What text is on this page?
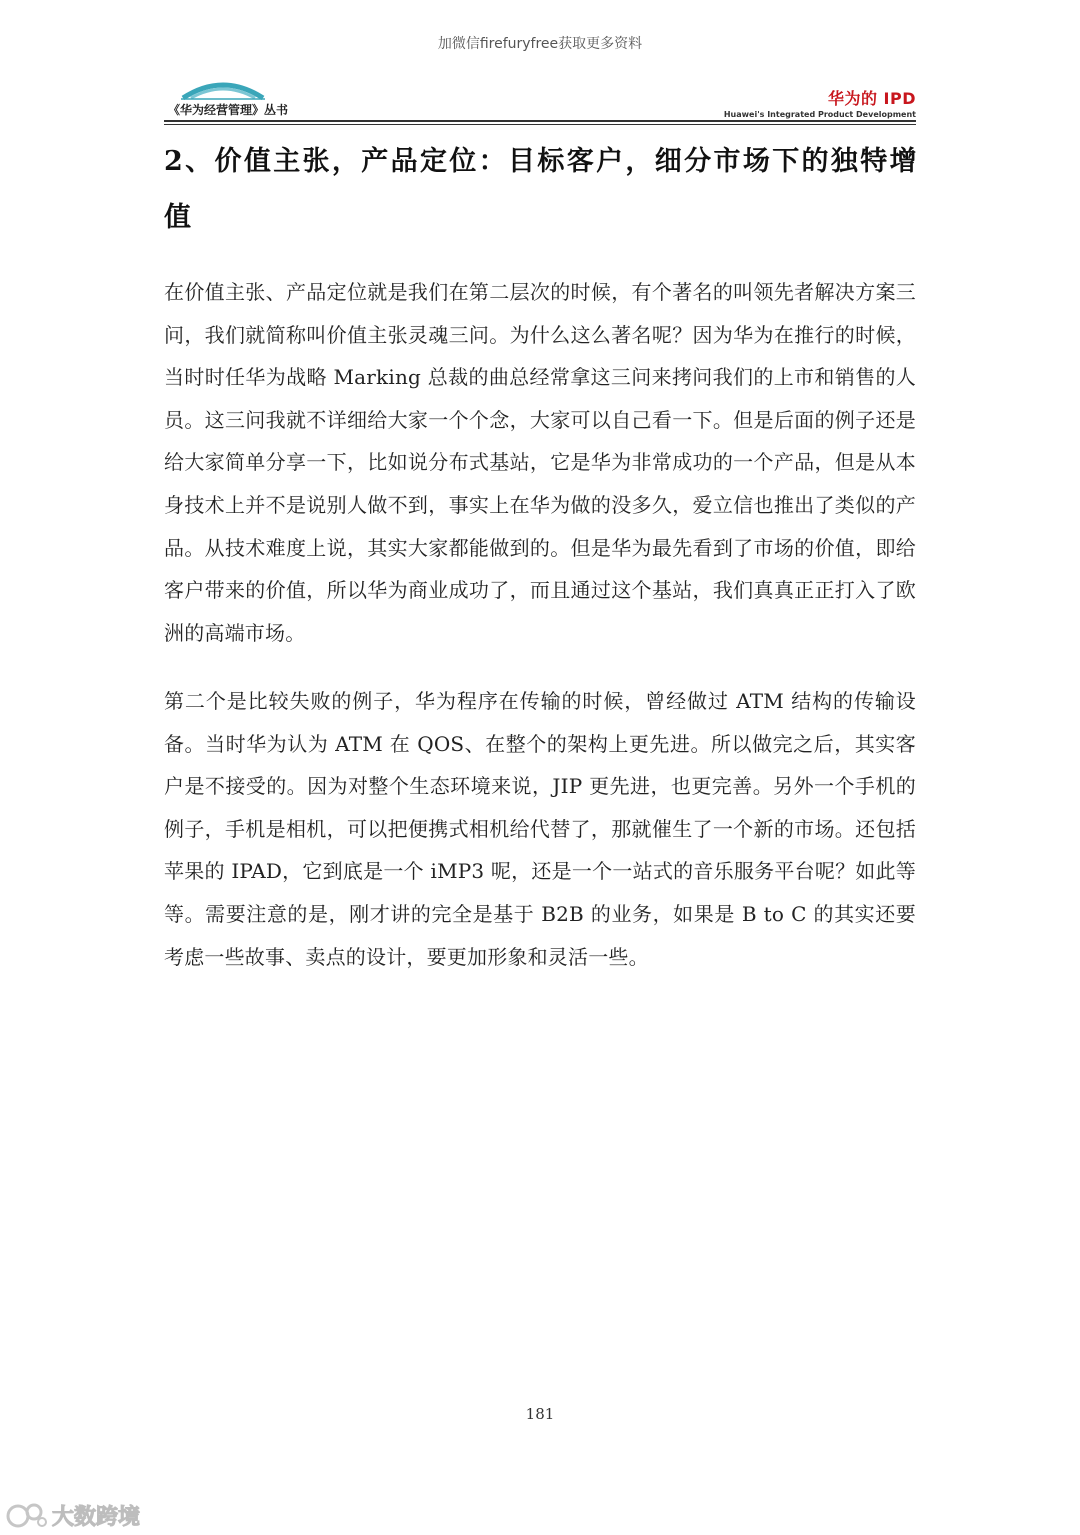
加微信firefuryfree获取更多资料
《华为经营管理》丛书
华为的 IPD
Huawei's Integrated Product Development
2、价值主张，产品定位：目标客户，细分市场下的独特增值

在价值主张、产品定位就是我们在第二层次的时候，有个著名的叫领先者解决方案三问，我们就简称叫价值主张灵魂三问。为什么这么著名呢？因为华为在推行的时候，当时时任华为战略 Marking 总裁的曲总经常拿这三问来拷问我们的上市和销售的人员。这三问我就不详细给大家一个个念，大家可以自己看一下。但是后面的例子还是给大家简单分享一下，比如说分布式基站，它是华为非常成功的一个产品，但是从本身技术上并不是说别人做不到，事实上在华为做的没多久，爱立信也推出了类似的产品。从技术难度上说，其实大家都能做到的。但是华为最先看到了市场的价值，即给客户带来的价值，所以华为商业成功了，而且通过这个基站，我们真真正正打入了欧洲的高端市场。

第二个是比较失败的例子，华为程序在传输的时候，曾经做过 ATM 结构的传输设备。当时华为认为 ATM 在 QOS、在整个的架构上更先进。所以做完之后，其实客户是不接受的。因为对整个生态环境来说，JIP 更先进，也更完善。另外一个手机的例子，手机是相机，可以把便携式相机给代替了，那就催生了一个新的市场。还包括苹果的 IPAD，它到底是一个 iMP3 呢，还是一个一站式的音乐服务平台呢？如此等等。需要注意的是，刚才讲的完全是基于 B2B 的业务，如果是 B to C 的其实还要考虑一些故事、卖点的设计，要更加形象和灵活一些。

181
大数跨境
